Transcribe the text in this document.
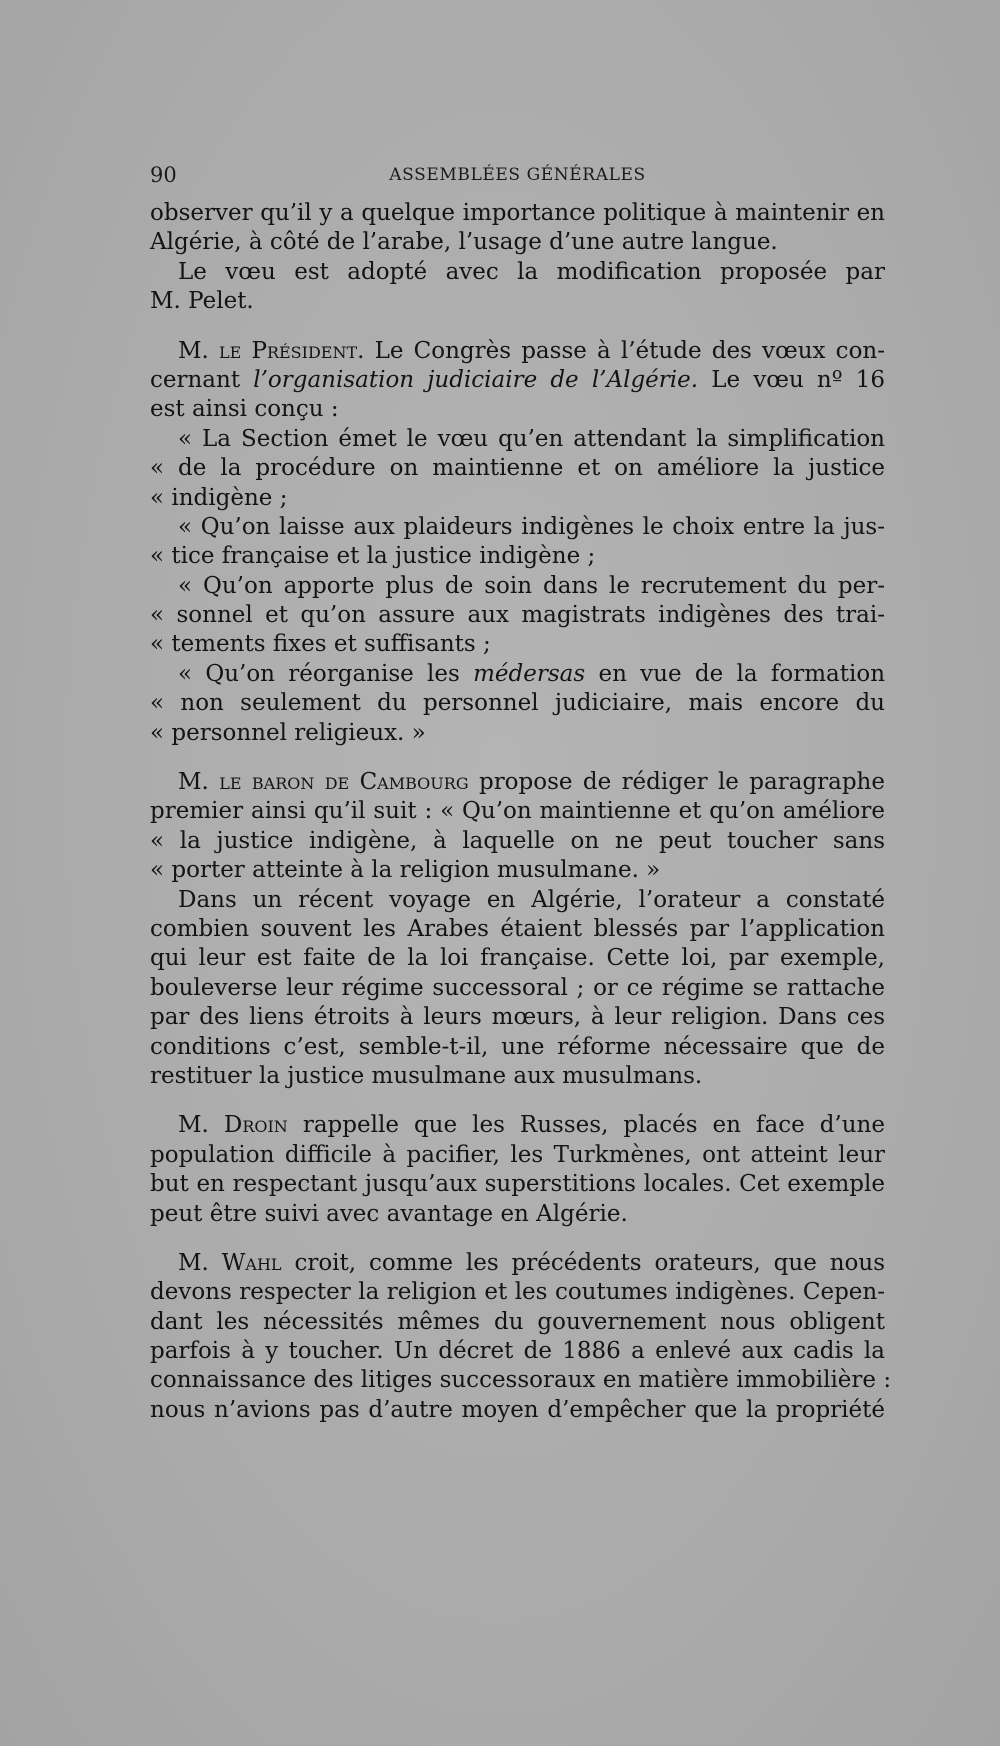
90	ASSEMBLÉES GÉNÉRALES
observer qu’il y a quelque importance politique à maintenir en
Algérie, à côté de l’arabe, l’usage d’une autre langue.
Le vœu est adopté avec la modification proposée par
M. Pelet.
M. le Président. Le Congrès passe à l’étude des vœux con-
cernant l’organisation judiciaire de l’Algérie. Le vœu nº 16
est ainsi conçu :
« La Section émet le vœu qu’en attendant la simplification
« de la procédure on maintienne et on améliore la justice
« indigène ;
« Qu’on laisse aux plaideurs indigènes le choix entre la jus-
« tice française et la justice indigène ;
« Qu’on apporte plus de soin dans le recrutement du per-
« sonnel et qu’on assure aux magistrats indigènes des trai-
« tements fixes et suffisants ;
« Qu’on réorganise les médersas en vue de la formation
« non seulement du personnel judiciaire, mais encore du
« personnel religieux. »
M. le baron de Cambourg propose de rédiger le paragraphe
premier ainsi qu’il suit : « Qu’on maintienne et qu’on améliore
« la justice indigène, à laquelle on ne peut toucher sans
« porter atteinte à la religion musulmane. »
Dans un récent voyage en Algérie, l’orateur a constaté
combien souvent les Arabes étaient blessés par l’application
qui leur est faite de la loi française. Cette loi, par exemple,
bouleverse leur régime successoral ; or ce régime se rattache
par des liens étroits à leurs mœurs, à leur religion. Dans ces
conditions c’est, semble-t-il, une réforme nécessaire que de
restituer la justice musulmane aux musulmans.
M. Droin rappelle que les Russes, placés en face d’une
population difficile à pacifier, les Turkmènes, ont atteint leur
but en respectant jusqu’aux superstitions locales. Cet exemple
peut être suivi avec avantage en Algérie.
M. Wahl croit, comme les précédents orateurs, que nous
devons respecter la religion et les coutumes indigènes. Cepen-
dant les nécessités mêmes du gouvernement nous obligent
parfois à y toucher. Un décret de 1886 a enlevé aux cadis la
connaissance des litiges successoraux en matière immobilière :
nous n’avions pas d’autre moyen d’empêcher que la propriété
